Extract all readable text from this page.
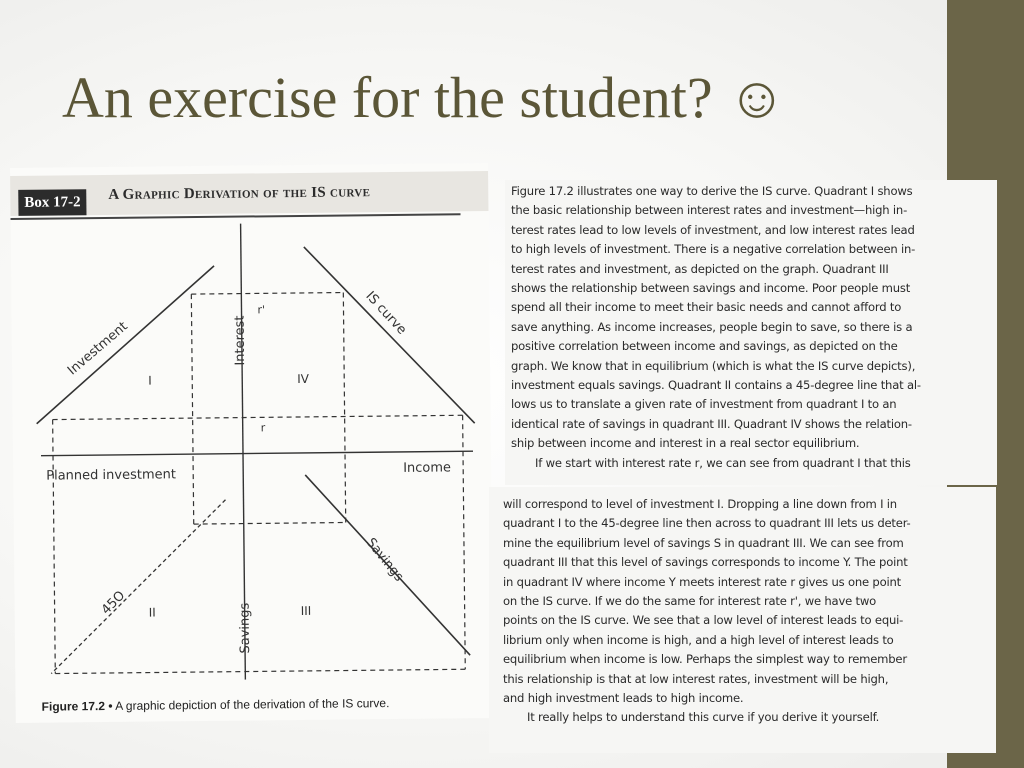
An exercise for the student? ☺
Box 17-2	A Graphic Derivation of the IS curve
Investment
IS curve
Interest
r'
r
I	IV
Planned investment	Income
Savings
45O II	III
Savings
Figure 17.2 • A graphic depiction of the derivation of the IS curve.
Figure 17.2 illustrates one way to derive the IS curve. Quadrant I shows
the basic relationship between interest rates and investment—high in-
terest rates lead to low levels of investment, and low interest rates lead
to high levels of investment. There is a negative correlation between in-
terest rates and investment, as depicted on the graph. Quadrant III
shows the relationship between savings and income. Poor people must
spend all their income to meet their basic needs and cannot afford to
save anything. As income increases, people begin to save, so there is a
positive correlation between income and savings, as depicted on the
graph. We know that in equilibrium (which is what the IS curve depicts),
investment equals savings. Quadrant II contains a 45-degree line that al-
lows us to translate a given rate of investment from quadrant I to an
identical rate of savings in quadrant III. Quadrant IV shows the relation-
ship between income and interest in a real sector equilibrium.
If we start with interest rate r, we can see from quadrant I that this
will correspond to level of investment I. Dropping a line down from I in
quadrant I to the 45-degree line then across to quadrant III lets us deter-
mine the equilibrium level of savings S in quadrant III. We can see from
quadrant III that this level of savings corresponds to income Y. The point
in quadrant IV where income Y meets interest rate r gives us one point
on the IS curve. If we do the same for interest rate r', we have two
points on the IS curve. We see that a low level of interest leads to equi-
librium only when income is high, and a high level of interest leads to
equilibrium when income is low. Perhaps the simplest way to remember
this relationship is that at low interest rates, investment will be high,
and high investment leads to high income.
It really helps to understand this curve if you derive it yourself.
